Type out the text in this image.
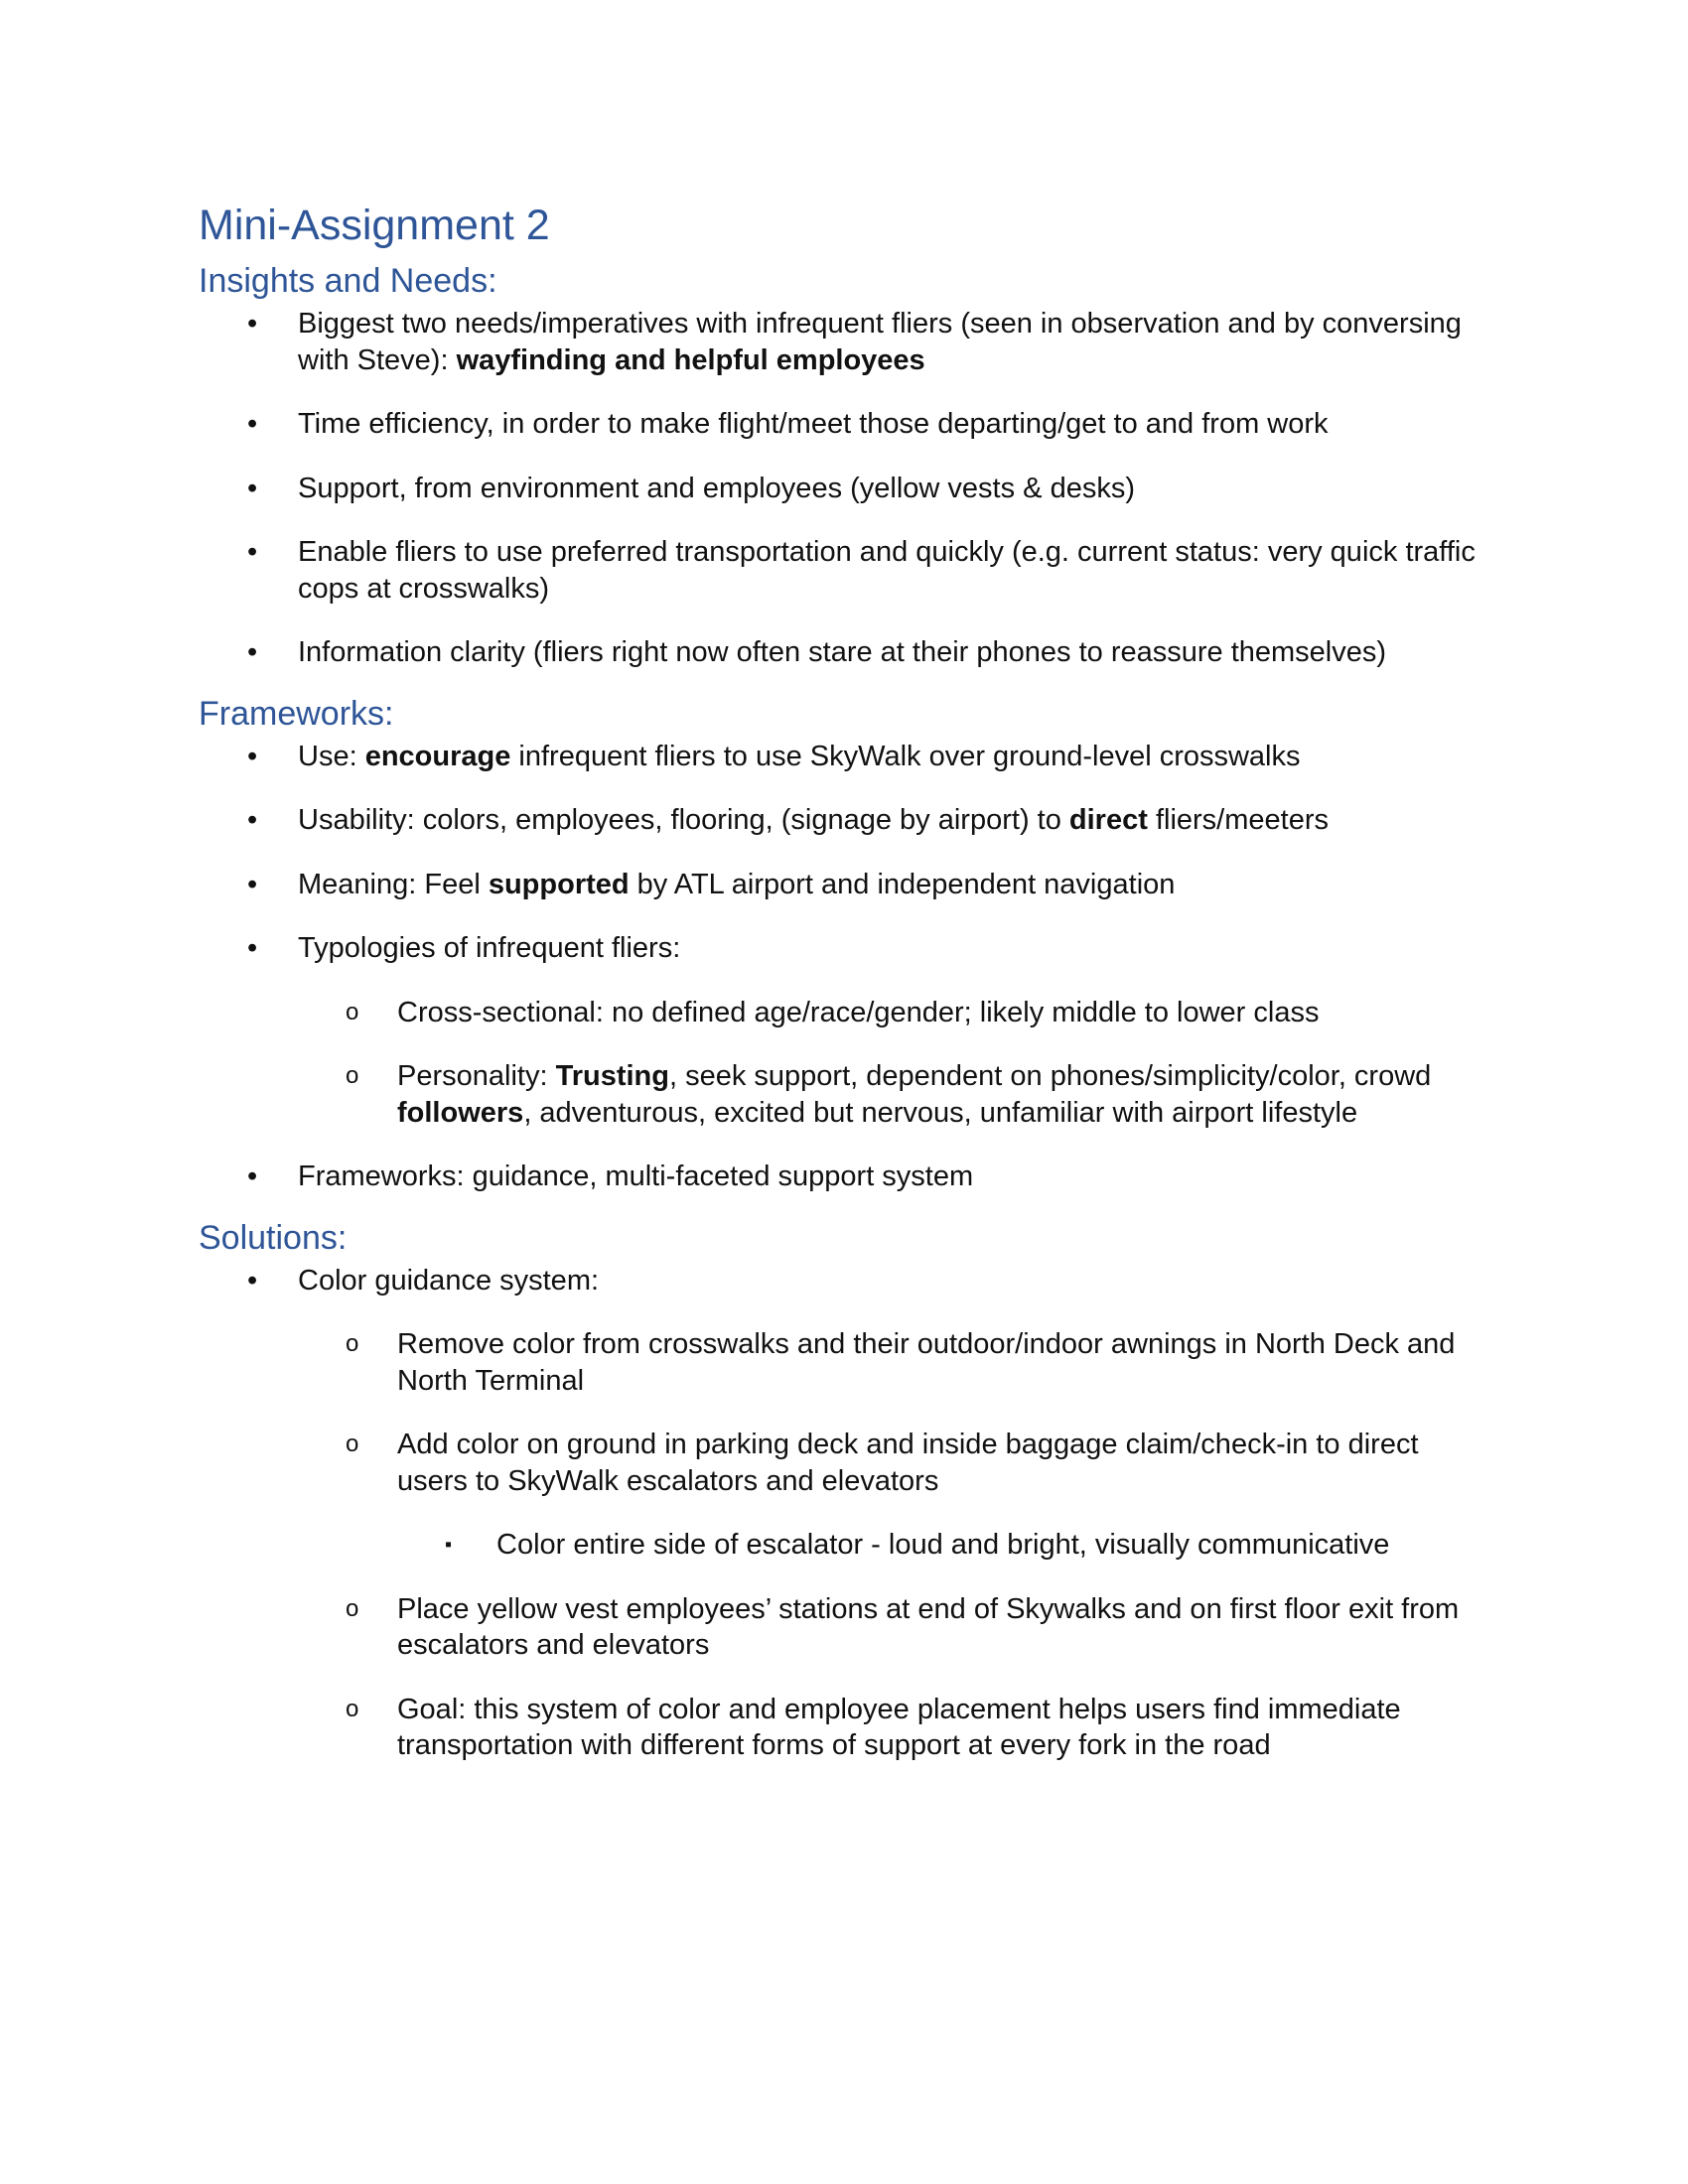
Mini-Assignment 2
Insights and Needs:
• Biggest two needs/imperatives with infrequent fliers (seen in observation and by conversing with Steve): wayfinding and helpful employees
• Time efficiency, in order to make flight/meet those departing/get to and from work
• Support, from environment and employees (yellow vests & desks)
• Enable fliers to use preferred transportation and quickly (e.g. current status: very quick traffic cops at crosswalks)
• Information clarity (fliers right now often stare at their phones to reassure themselves)
Frameworks:
• Use: encourage infrequent fliers to use SkyWalk over ground-level crosswalks
• Usability: colors, employees, flooring, (signage by airport) to direct fliers/meeters
• Meaning: Feel supported by ATL airport and independent navigation
• Typologies of infrequent fliers:
o Cross-sectional: no defined age/race/gender; likely middle to lower class
o Personality: Trusting, seek support, dependent on phones/simplicity/color, crowd followers, adventurous, excited but nervous, unfamiliar with airport lifestyle
• Frameworks: guidance, multi-faceted support system
Solutions:
• Color guidance system:
o Remove color from crosswalks and their outdoor/indoor awnings in North Deck and North Terminal
o Add color on ground in parking deck and inside baggage claim/check-in to direct users to SkyWalk escalators and elevators
▪ Color entire side of escalator - loud and bright, visually communicative
o Place yellow vest employees’ stations at end of Skywalks and on first floor exit from escalators and elevators
o Goal: this system of color and employee placement helps users find immediate transportation with different forms of support at every fork in the road
